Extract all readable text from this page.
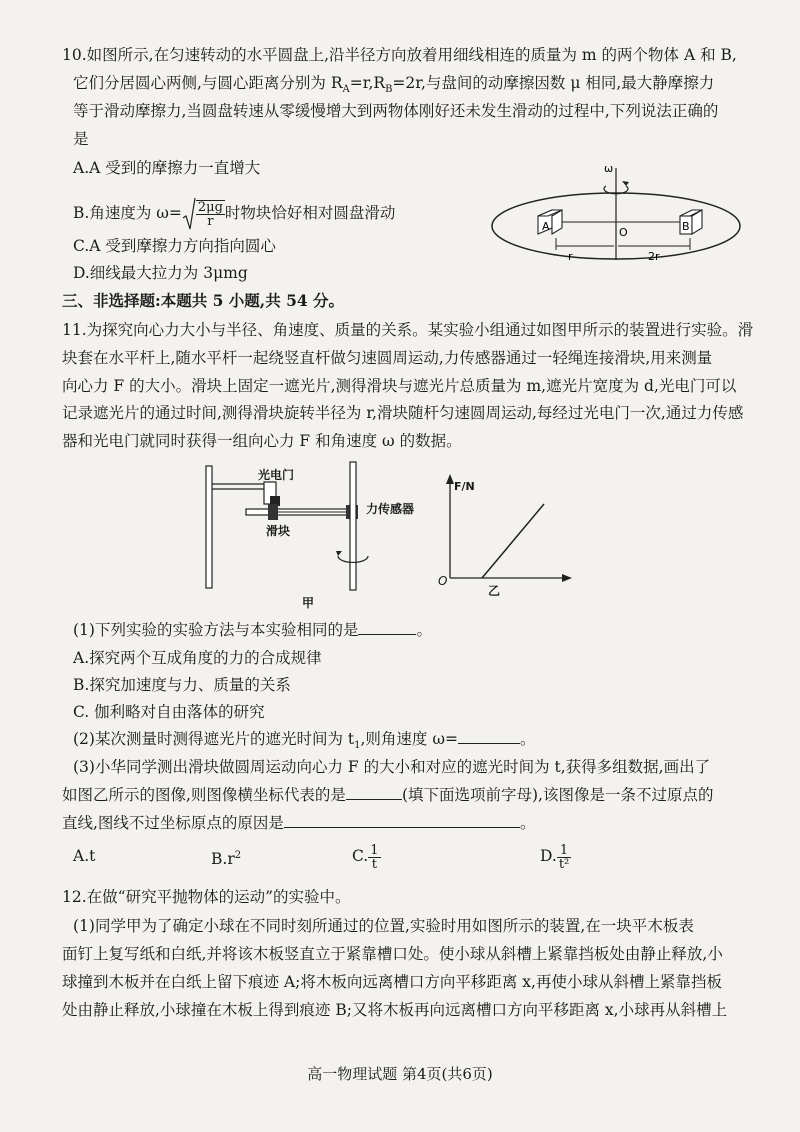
10.如图所示,在匀速转动的水平圆盘上,沿半径方向放着用细线相连的质量为 m 的两个物体 A 和 B,
它们分居圆心两侧,与圆心距离分别为 $R_A=r,R_B=2r$,与盘间的动摩擦因数 μ 相同,最大静摩擦力
等于滑动摩擦力,当圆盘转速从零缓慢增大到两物体刚好还未发生滑动的过程中,下列说法正确的
是
A.A 受到的摩擦力一直增大
B.角速度为 $\omega= \frac{2\mu g}{r}$ 时物块恰好相对圆盘滑动
C.A 受到摩擦力方向指向圆心
D.细线最大拉力为 3μmg
ω
A	B
O
r	2r
三、非选择题:本题共 5 小题,共 54 分。
11.为探究向心力大小与半径、角速度、质量的关系。某实验小组通过如图甲所示的装置进行实验。滑
块套在水平杆上,随水平杆一起绕竖直杆做匀速圆周运动,力传感器通过一轻绳连接滑块,用来测量
向心力 F 的大小。滑块上固定一遮光片,测得滑块与遮光片总质量为 m,遮光片宽度为 d,光电门可以
记录遮光片的通过时间,测得滑块旋转半径为 r,滑块随杆匀速圆周运动,每经过光电门一次,通过力传感
器和光电门就同时获得一组向心力 F 和角速度 ω 的数据。
光电门
力传感器
滑块
甲
F/N
O
乙
(1)下列实验的实验方法与本实验相同的是	。
A.探究两个互成角度的力的合成规律
B.探究加速度与力、质量的关系
C. 伽利略对自由落体的研究
(2)某次测量时测得遮光片的遮光时间为 $t_1$,则角速度 ω=	。
(3)小华同学测出滑块做圆周运动向心力 F 的大小和对应的遮光时间为 t,获得多组数据,画出了
如图乙所示的图像,则图像横坐标代表的是	(填下面选项前字母),该图像是一条不过原点的
直线,图线不过坐标原点的原因是	。
A.t	$B.r^2$	C. $\frac{1}{t}$	D. $\frac{1}{\text{t²}}$
12.在做“研究平抛物体的运动”的实验中。
(1)同学甲为了确定小球在不同时刻所通过的位置,实验时用如图所示的装置,在一块平木板表
面钉上复写纸和白纸,并将该木板竖直立于紧靠槽口处。使小球从斜槽上紧靠挡板处由静止释放,小
球撞到木板并在白纸上留下痕迹 A;将木板向远离槽口方向平移距离 x,再使小球从斜槽上紧靠挡板
处由静止释放,小球撞在木板上得到痕迹 B;又将木板再向远离槽口方向平移距离 x,小球再从斜槽上
高一物理试题 第4页(共6页)
